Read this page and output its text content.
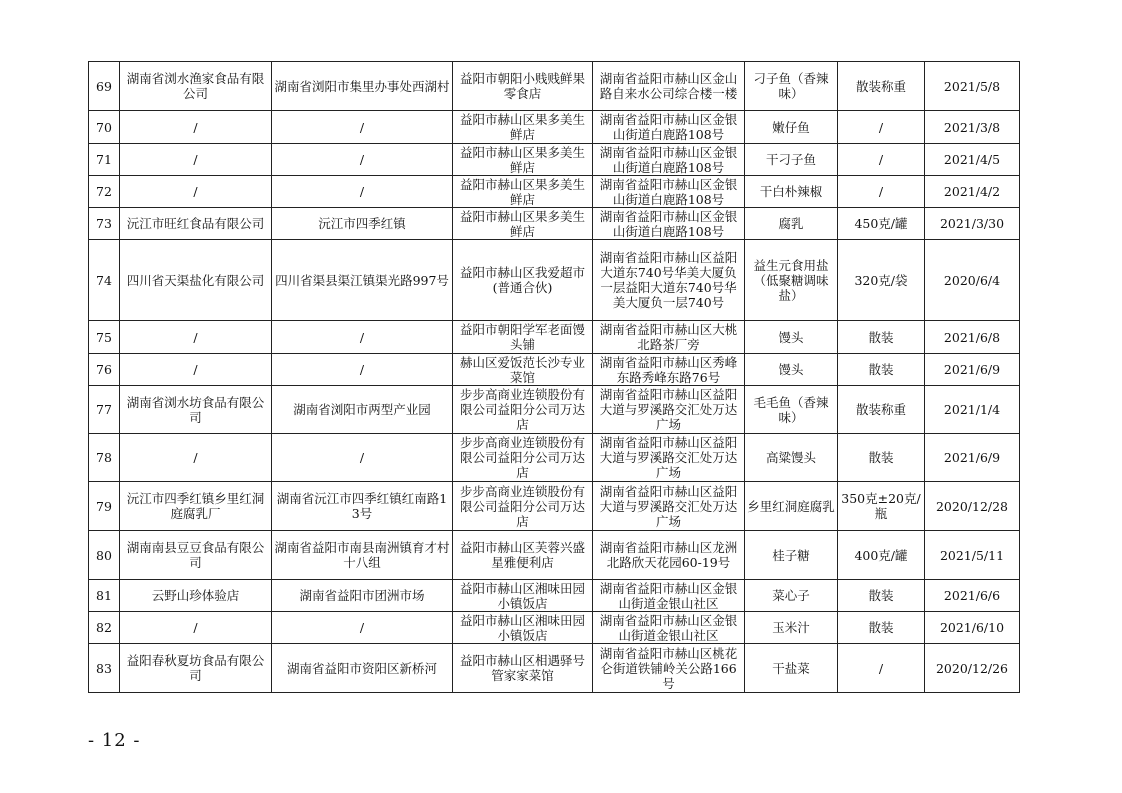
69	湖南省浏水渔家食品有限公司	湖南省浏阳市集里办事处西湖村	益阳市朝阳小贱贱鲜果零食店	湖南省益阳市赫山区金山路自来水公司综合楼一楼	刁子鱼（香辣味）	散装称重	2021/5/8
70	/	/	益阳市赫山区果多美生鲜店	湖南省益阳市赫山区金银山街道白鹿路108号	嫩仔鱼	/	2021/3/8
71	/	/	益阳市赫山区果多美生鲜店	湖南省益阳市赫山区金银山街道白鹿路108号	干刁子鱼	/	2021/4/5
72	/	/	益阳市赫山区果多美生鲜店	湖南省益阳市赫山区金银山街道白鹿路108号	干白朴辣椒	/	2021/4/2
73	沅江市旺红食品有限公司	沅江市四季红镇	益阳市赫山区果多美生鲜店	湖南省益阳市赫山区金银山街道白鹿路108号	腐乳	450克/罐	2021/3/30
74	四川省天渠盐化有限公司	四川省渠县渠江镇渠光路997号	益阳市赫山区我爱超市(普通合伙)	湖南省益阳市赫山区益阳大道东740号华美大厦负一层益阳大道东740号华美大厦负一层740号	益生元食用盐（低聚糖调味盐）	320克/袋	2020/6/4
75	/	/	益阳市朝阳学军老面馒头铺	湖南省益阳市赫山区大桃北路茶厂旁	馒头	散装	2021/6/8
76	/	/	赫山区爱饭范长沙专业菜馆	湖南省益阳市赫山区秀峰东路秀峰东路76号	馒头	散装	2021/6/9
77	湖南省浏水坊食品有限公司	湖南省浏阳市两型产业园	步步高商业连锁股份有限公司益阳分公司万达店	湖南省益阳市赫山区益阳大道与罗溪路交汇处万达广场	毛毛鱼（香辣味）	散装称重	2021/1/4
78	/	/	步步高商业连锁股份有限公司益阳分公司万达店	湖南省益阳市赫山区益阳大道与罗溪路交汇处万达广场	高粱馒头	散装	2021/6/9
79	沅江市四季红镇乡里红洞庭腐乳厂	湖南省沅江市四季红镇红南路13号	步步高商业连锁股份有限公司益阳分公司万达店	湖南省益阳市赫山区益阳大道与罗溪路交汇处万达广场	乡里红洞庭腐乳	350克±20克/瓶	2020/12/28
80	湖南南县豆豆食品有限公司	湖南省益阳市南县南洲镇育才村十八组	益阳市赫山区芙蓉兴盛星雅便利店	湖南省益阳市赫山区龙洲北路欣天花园60-19号	桂子糖	400克/罐	2021/5/11
81	云野山珍体验店	湖南省益阳市团洲市场	益阳市赫山区湘味田园小镇饭店	湖南省益阳市赫山区金银山街道金银山社区	菜心子	散装	2021/6/6
82	/	/	益阳市赫山区湘味田园小镇饭店	湖南省益阳市赫山区金银山街道金银山社区	玉米汁	散装	2021/6/10
83	益阳春秋夏坊食品有限公司	湖南省益阳市资阳区新桥河	益阳市赫山区相遇驿号管家家菜馆	湖南省益阳市赫山区桃花仑街道铁铺岭关公路166号	干盐菜	/	2020/12/26
- 12 -
